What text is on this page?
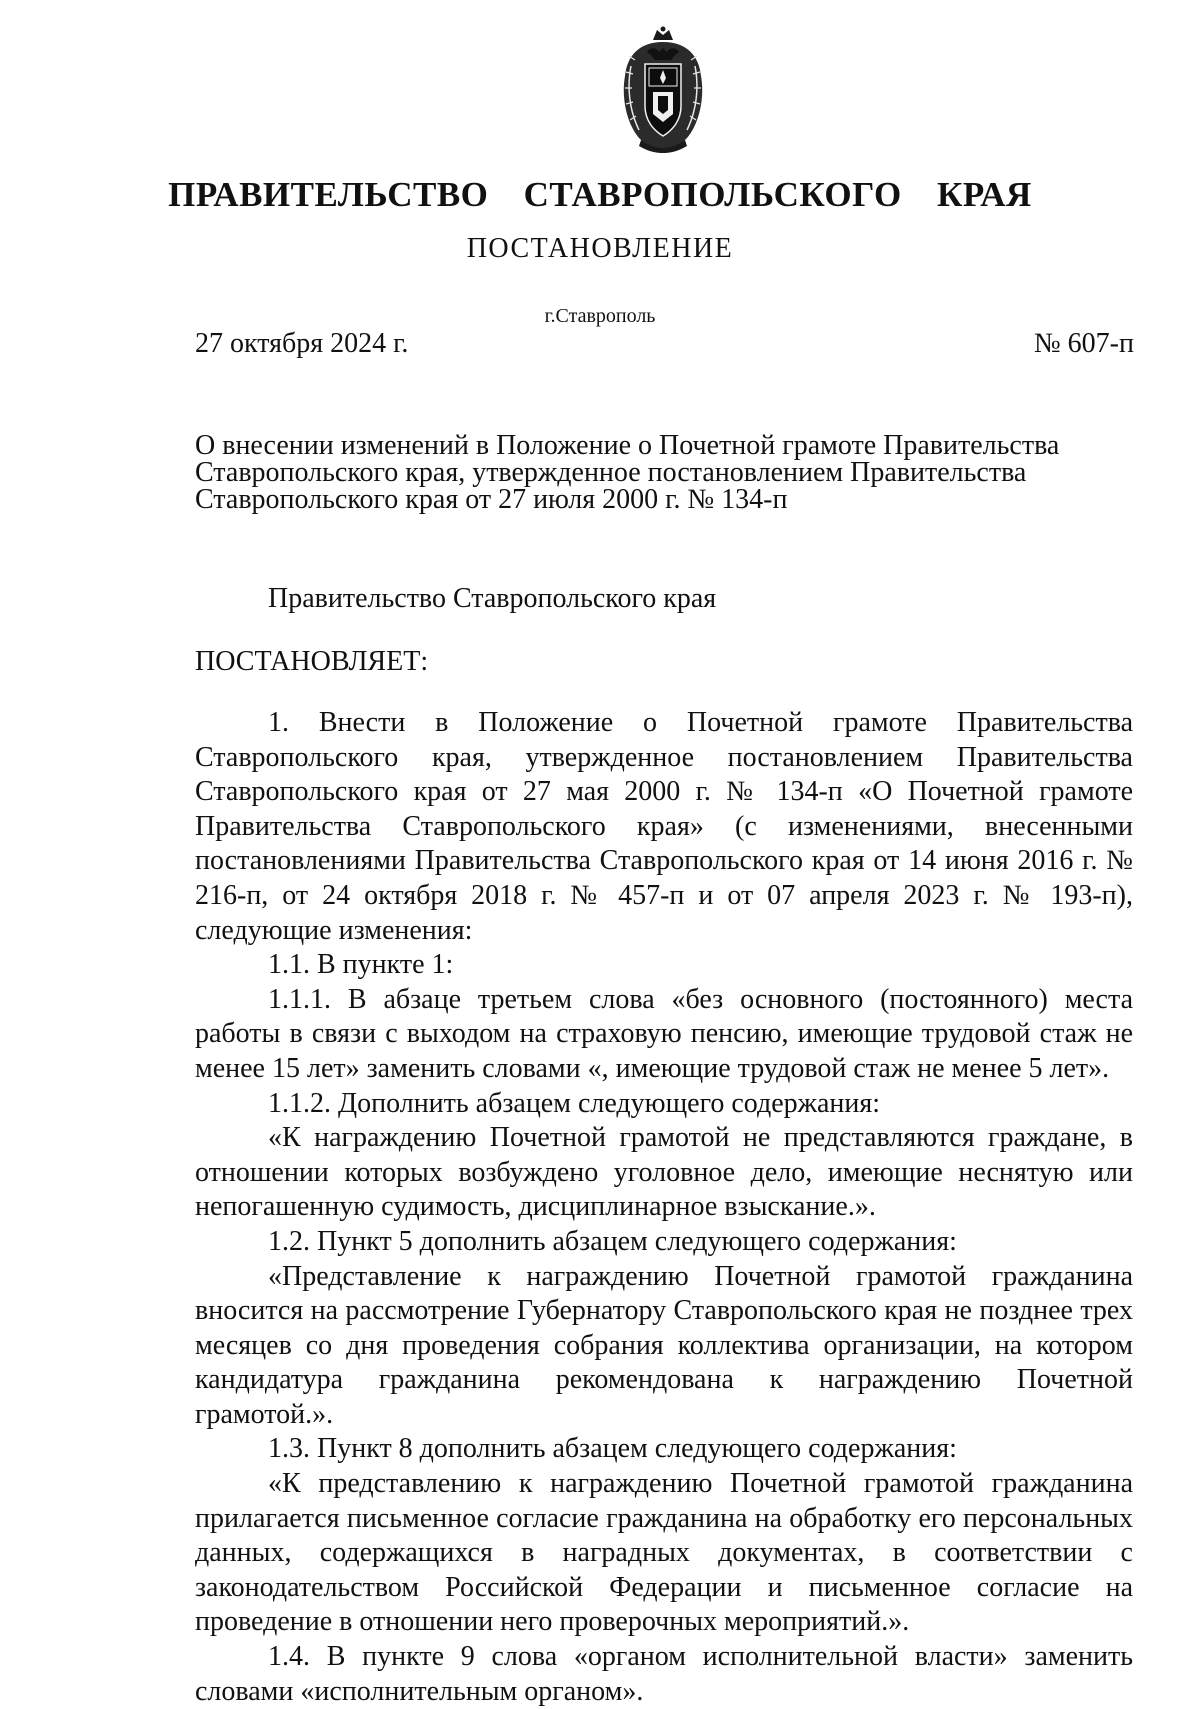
ПРАВИТЕЛЬСТВО СТАВРОПОЛЬСКОГО КРАЯ
ПОСТАНОВЛЕНИЕ
г.Ставрополь
27 октября 2024 г.	№ 607-п
О внесении изменений в Положение о Почетной грамоте Правительства Ставропольского края, утвержденное постановлением Правительства Ставропольского края от 27 июля 2000 г. № 134-п
Правительство Ставропольского края
ПОСТАНОВЛЯЕТ:

1. Внести в Положение о Почетной грамоте Правительства Ставропольского края, утвержденное постановлением Правительства Ставропольского края от 27 мая 2000 г. № 134-п «О Почетной грамоте Правительства Ставропольского края» (с изменениями, внесенными постановлениями Правительства Ставропольского края от 14 июня 2016 г. № 216-п, от 24 октября 2018 г. № 457-п и от 07 апреля 2023 г. № 193-п), следующие изменения:

1.1. В пункте 1:

1.1.1. В абзаце третьем слова «без основного (постоянного) места работы в связи с выходом на страховую пенсию, имеющие трудовой стаж не менее 15 лет» заменить словами «, имеющие трудовой стаж не менее 5 лет».

1.1.2. Дополнить абзацем следующего содержания:

«К награждению Почетной грамотой не представляются граждане, в отношении которых возбуждено уголовное дело, имеющие неснятую или непогашенную судимость, дисциплинарное взыскание.».

1.2. Пункт 5 дополнить абзацем следующего содержания:

«Представление к награждению Почетной грамотой гражданина вносится на рассмотрение Губернатору Ставропольского края не позднее трех месяцев со дня проведения собрания коллектива организации, на котором кандидатура гражданина рекомендована к награждению Почетной грамотой.».

1.3. Пункт 8 дополнить абзацем следующего содержания:

«К представлению к награждению Почетной грамотой гражданина прилагается письменное согласие гражданина на обработку его персональных данных, содержащихся в наградных документах, в соответствии с законодательством Российской Федерации и письменное согласие на проведение в отношении него проверочных мероприятий.».

1.4. В пункте 9 слова «органом исполнительной власти» заменить словами «исполнительным органом».
